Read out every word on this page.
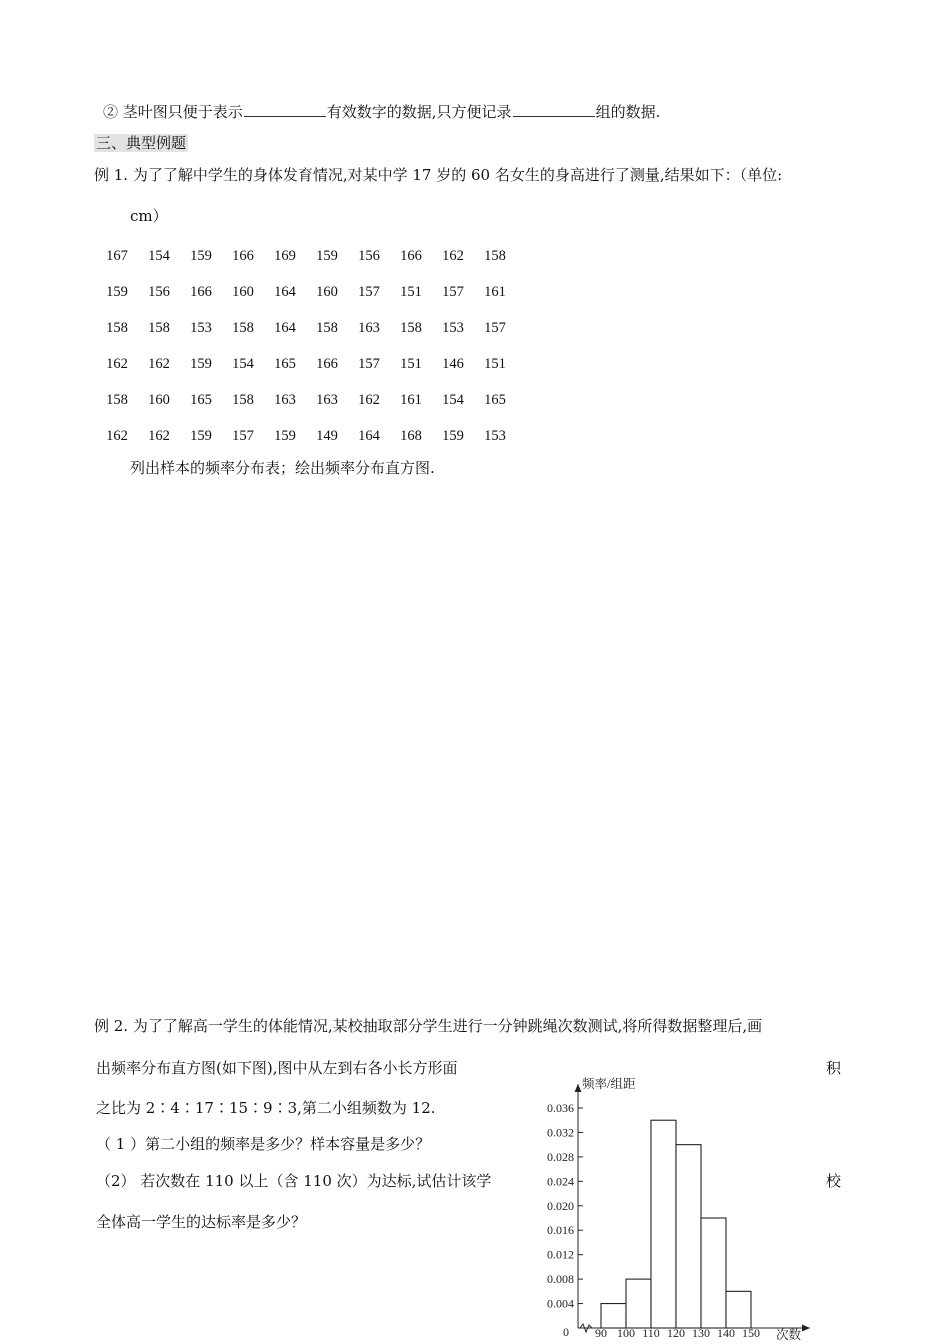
② 茎叶图只便于表示	有效数字的数据,只方便记录	组的数据.
三、典型例题
例 1. 为了了解中学生的身体发育情况,对某中学 17 岁的 60 名女生的身高进行了测量,结果如下：（单位:
cm）
167	154	159	166	169	159	156	166	162	158
159	156	166	160	164	160	157	151	157	161
158	158	153	158	164	158	163	158	153	157
162	162	159	154	165	166	157	151	146	151
158	160	165	158	163	163	162	161	154	165
162	162	159	157	159	149	164	168	159	153
列出样本的频率分布表；绘出频率分布直方图.
例 2. 为了了解高一学生的体能情况,某校抽取部分学生进行一分钟跳绳次数测试,将所得数据整理后,画
出频率分布直方图(如下图),图中从左到右各小长方形面	积
之比为 2∶4∶17∶15∶9∶3,第二小组频数为 12.
（ 1 ）第二小组的频率是多少？样本容量是多少？
（2） 若次数在 110 以上（含 110 次）为达标,试估计该学	校
全体高一学生的达标率是多少？
0.004
0.008
0.012
0.016
0.020
0.024
0.028
0.032
0.036
90 100 110 120 130 140 150
频率/组距
次数
0
